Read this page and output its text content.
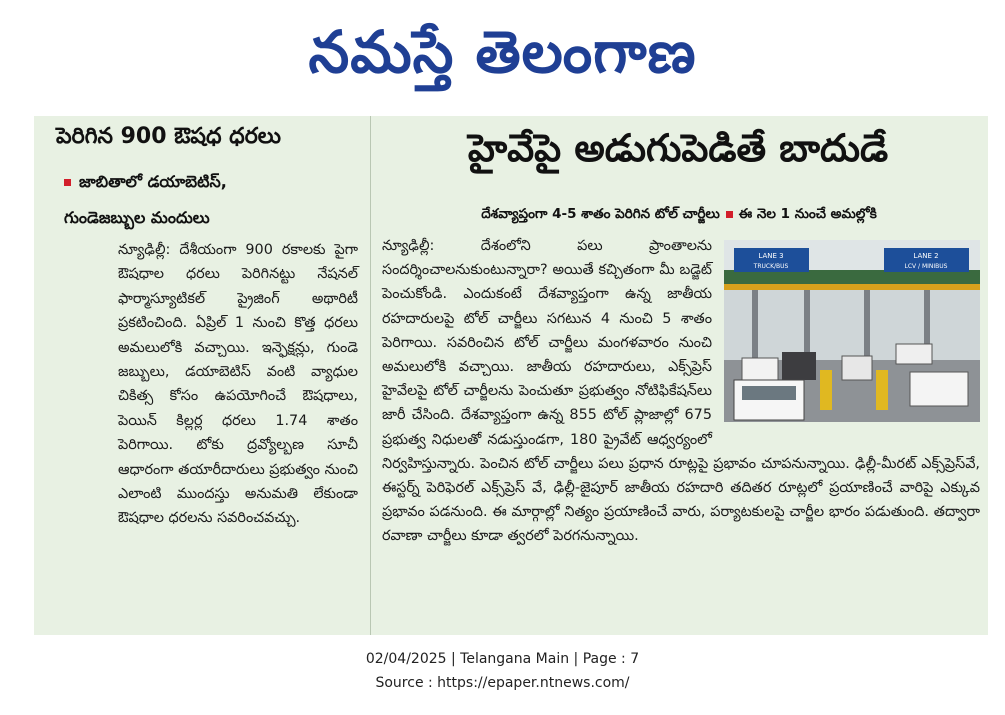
నమస్తే తెలంగాణ
పెరిగిన 900 ఔషధ ధరలు
జాబితాలో డయాబెటిస్,
గుండెజబ్బుల మందులు
న్యూఢిల్లీ: దేశీయంగా 900 రకాలకు పైగా ఔషధాల ధరలు పెరిగినట్టు నేషనల్ ఫార్మాస్యూటికల్ ప్రైజింగ్ అథారిటీ ప్రకటించింది. ఏప్రిల్ 1 నుంచి కొత్త ధరలు అమలులోకి వచ్చాయి. ఇన్ఫెక్షన్లు, గుండె జబ్బులు, డయాబెటిస్ వంటి వ్యాధుల చికిత్స కోసం ఉపయోగించే ఔషధాలు, పెయిన్ కిల్లర్ల ధరలు 1.74 శాతం పెరిగాయి. టోకు ద్రవ్యోల్బణ సూచీ ఆధారంగా తయారీదారులు ప్రభుత్వం నుంచి ఎలాంటి ముందస్తు అనుమతి లేకుండా ఔషధాల ధరలను సవరించవచ్చు.
హైవేపై అడుగుపెడితే బాదుడే
దేశవ్యాప్తంగా 4-5 శాతం పెరిగిన టోల్ చార్జీలు ఈ నెల 1 నుంచే అమల్లోకి
LANE 3
TRUCK/BUS
LANE 2
LCV / MINIBUS
న్యూఢిల్లీ: దేశంలోని పలు ప్రాంతాలను సందర్శించాలనుకుంటున్నారా? అయితే కచ్చితంగా మీ బడ్జెట్ పెంచుకోండి. ఎందుకంటే దేశవ్యాప్తంగా ఉన్న జాతీయ రహదారులపై టోల్ చార్జీలు సగటున 4 నుంచి 5 శాతం పెరిగాయి. సవరించిన టోల్ చార్జీలు మంగళవారం నుంచి అమలులోకి వచ్చాయి. జాతీయ రహదారులు, ఎక్స్‌ప్రెస్ హైవేలపై టోల్ చార్జీలను పెంచుతూ ప్రభుత్వం నోటిఫికేషన్‌లు జారీ చేసింది. దేశవ్యాప్తంగా ఉన్న 855 టోల్ ప్లాజాల్లో 675 ప్రభుత్వ నిధులతో నడుస్తుండగా, 180 ప్రైవేట్ ఆధ్వర్యంలో నిర్వహిస్తున్నారు. పెంచిన టోల్ చార్జీలు పలు ప్రధాన రూట్లపై ప్రభావం చూపనున్నాయి. ఢిల్లీ-మీరట్ ఎక్స్‌ప్రెస్‌వే, ఈస్టర్న్ పెరిఫెరల్ ఎక్స్‌ప్రెస్ వే, ఢిల్లీ-జైపూర్ జాతీయ రహదారి తదితర రూట్లలో ప్రయాణించే వారిపై ఎక్కువ ప్రభావం పడనుంది. ఈ మార్గాల్లో నిత్యం ప్రయాణించే వారు, పర్యాటకులపై చార్జీల భారం పడుతుంది. తద్వారా రవాణా చార్జీలు కూడా త్వరలో పెరగనున్నాయి.
02/04/2025 | Telangana Main | Page : 7
Source : https://epaper.ntnews.com/
